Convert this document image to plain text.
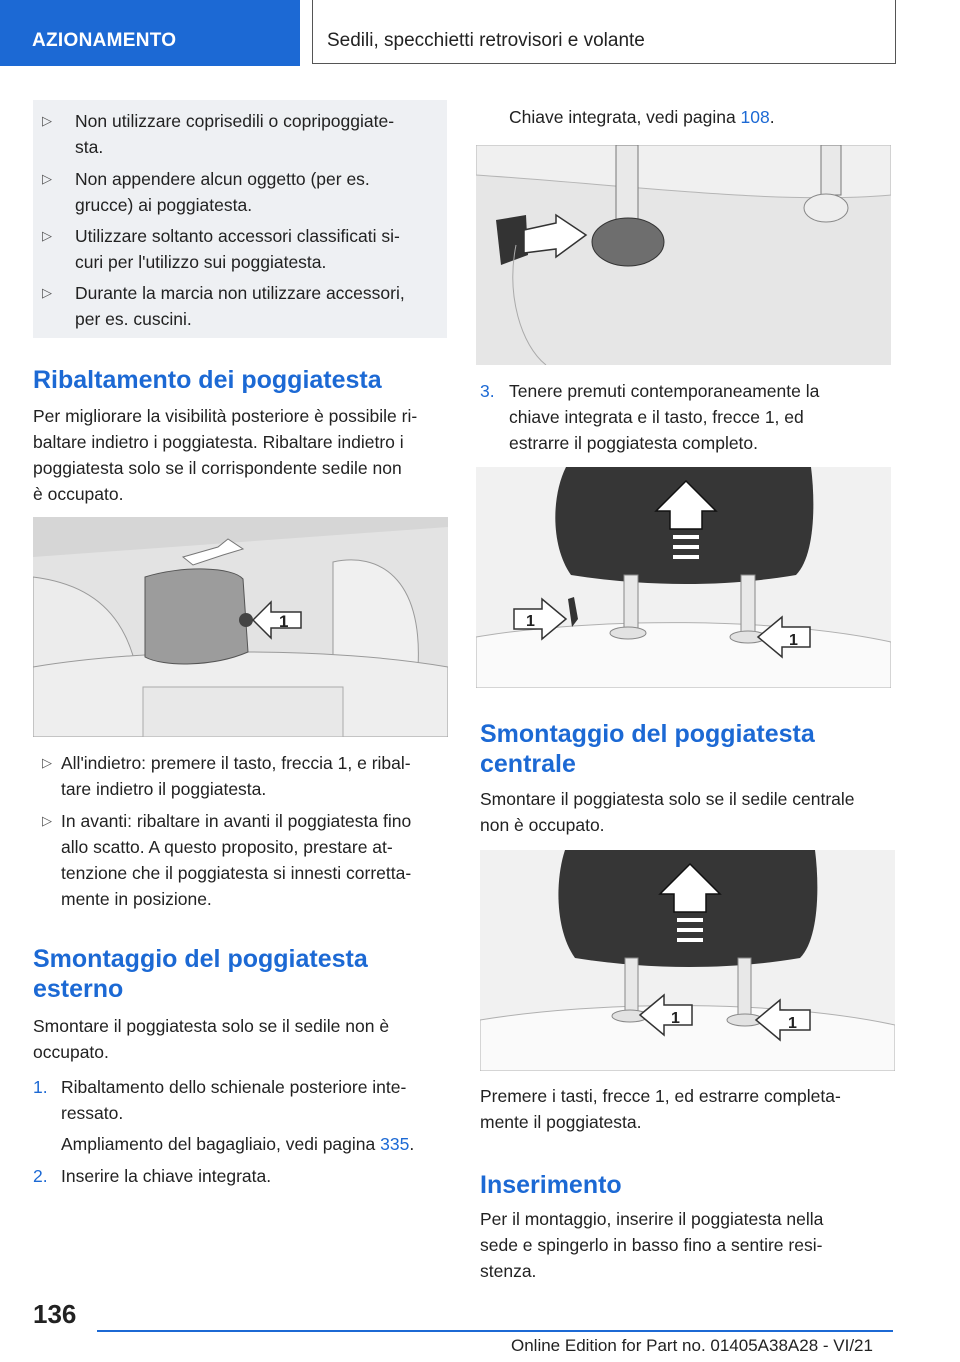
AZIONAMENTO	Sedili, specchietti retrovisori e volante
▷ Non utilizzare coprisedili o copripoggiate-
sta.
▷ Non appendere alcun oggetto (per es.
grucce) ai poggiatesta.
▷ Utilizzare soltanto accessori classificati si-
curi per l'utilizzo sui poggiatesta.
▷ Durante la marcia non utilizzare accessori,
per es. cuscini.
Ribaltamento dei poggiatesta
Per migliorare la visibilità posteriore è possibile ri-
baltare indietro i poggiatesta. Ribaltare indietro i
poggiatesta solo se il corrispondente sedile non
è occupato.
1
▷ All'indietro: premere il tasto, freccia 1, e ribal-
tare indietro il poggiatesta.
▷ In avanti: ribaltare in avanti il poggiatesta fino
allo scatto. A questo proposito, prestare at-
tenzione che il poggiatesta si innesti corretta-
mente in posizione.
Smontaggio del poggiatesta
esterno
Smontare il poggiatesta solo se il sedile non è
occupato.
1. Ribaltamento dello schienale posteriore inte-
ressato.
Ampliamento del bagagliaio, vedi pagina 335.
2. Inserire la chiave integrata.
Chiave integrata, vedi pagina 108.
3. Tenere premuti contemporaneamente la
chiave integrata e il tasto, frecce 1, ed
estrarre il poggiatesta completo.
1
1
Smontaggio del poggiatesta
centrale
Smontare il poggiatesta solo se il sedile centrale
non è occupato.
1	1
Premere i tasti, frecce 1, ed estrarre completa-
mente il poggiatesta.
Inserimento
Per il montaggio, inserire il poggiatesta nella
sede e spingerlo in basso fino a sentire resi-
stenza.
136
Online Edition for Part no. 01405A38A28 - VI/21
